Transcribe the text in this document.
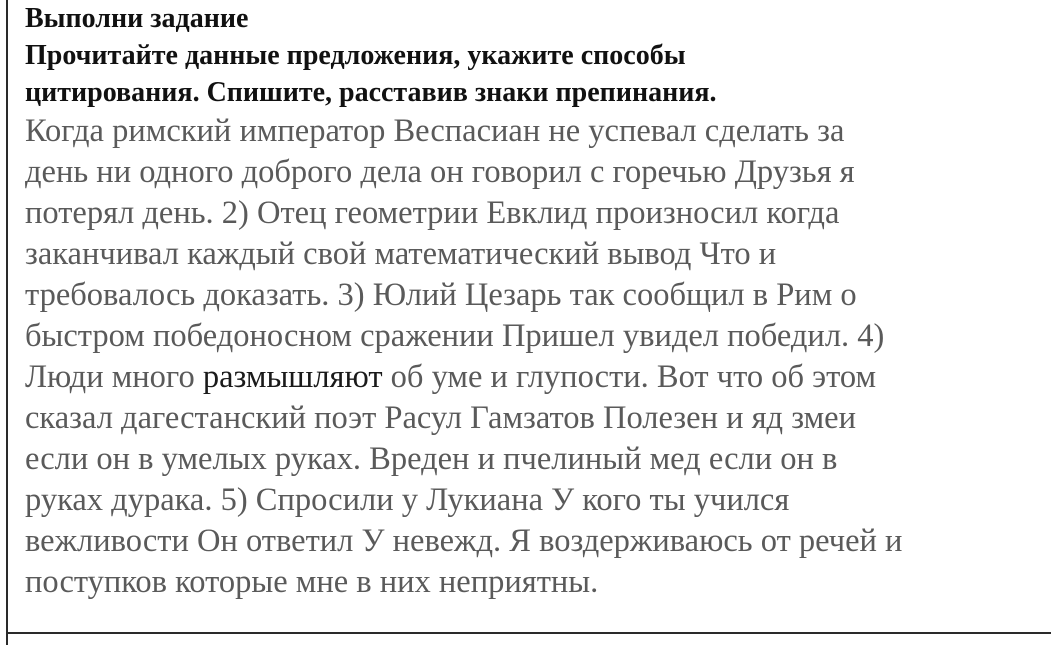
Выполни задание

Прочитайте данные предложения, укажите способы

цитирования. Спишите, расставив знаки препинания.

Когда римский император Веспасиан не успевал сделать за

день ни одного доброго дела он говорил с горечью Друзья я

потерял день. 2) Отец геометрии Евклид произносил когда

заканчивал каждый свой математический вывод Что и

требовалось доказать. 3) Юлий Цезарь так сообщил в Рим о

быстром победоносном сражении Пришел увидел победил. 4)

Люди много размышляют об уме и глупости. Вот что об этом

сказал дагестанский поэт Расул Гамзатов Полезен и яд змеи

если он в умелых руках. Вреден и пчелиный мед если он в

руках дурака. 5) Спросили у Лукиана У кого ты учился

вежливости Он ответил У невежд. Я воздерживаюсь от речей и

поступков которые мне в них неприятны.
